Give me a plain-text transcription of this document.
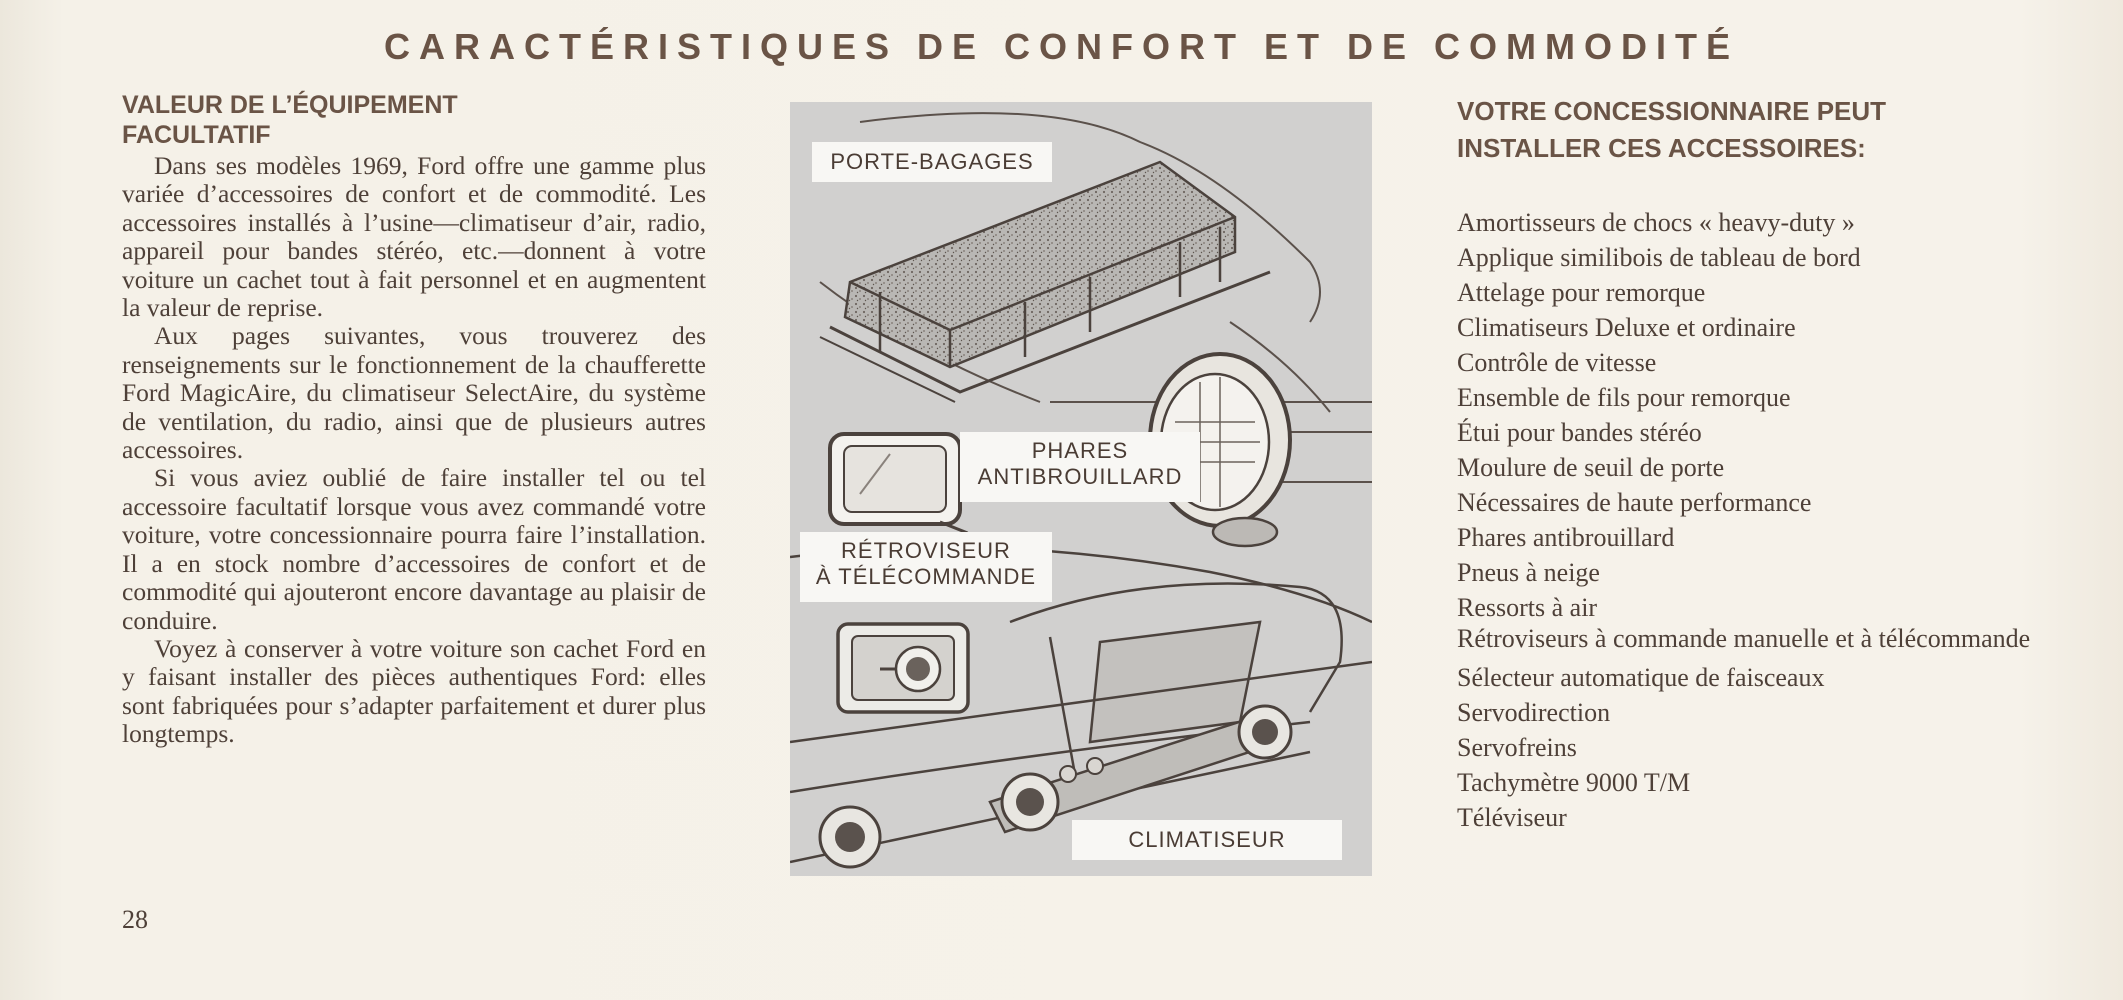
CARACTÉRISTIQUES DE CONFORT ET DE COMMODITÉ
VALEUR DE L’ÉQUIPEMENT
FACULTATIF

Dans ses modèles 1969, Ford offre une gamme plus variée d’accessoires de confort et de commodité. Les accessoires installés à l’usine—climatiseur d’air, radio, appareil pour bandes stéréo, etc.—donnent à votre voiture un cachet tout à fait personnel et en augmentent la valeur de reprise.

Aux pages suivantes, vous trouverez des renseignements sur le fonctionnement de la chaufferette Ford MagicAire, du climatiseur SelectAire, du système de ventilation, du radio, ainsi que de plusieurs autres accessoires.

Si vous aviez oublié de faire installer tel ou tel accessoire facultatif lorsque vous avez commandé votre voiture, votre concessionnaire pourra faire l’installation. Il a en stock nombre d’accessoires de confort et de commodité qui ajouteront encore davantage au plaisir de conduire.

Voyez à conserver à votre voiture son cachet Ford en y faisant installer des pièces authentiques Ford: elles sont fabriquées pour s’adapter parfaitement et durer plus longtemps.

28
PORTE-BAGAGES
PHARES
ANTIBROUILLARD
RÉTROVISEUR
À TÉLÉCOMMANDE
CLIMATISEUR
VOTRE CONCESSIONNAIRE PEUT
INSTALLER CES ACCESSOIRES:
Amortisseurs de chocs « heavy-duty »
Applique similibois de tableau de bord
Attelage pour remorque
Climatiseurs Deluxe et ordinaire
Contrôle de vitesse
Ensemble de fils pour remorque
Étui pour bandes stéréo
Moulure de seuil de porte
Nécessaires de haute performance
Phares antibrouillard
Pneus à neige
Ressorts à air
Rétroviseurs à commande manuelle et à télécommande
Sélecteur automatique de faisceaux
Servodirection
Servofreins
Tachymètre 9000 T/M
Téléviseur
